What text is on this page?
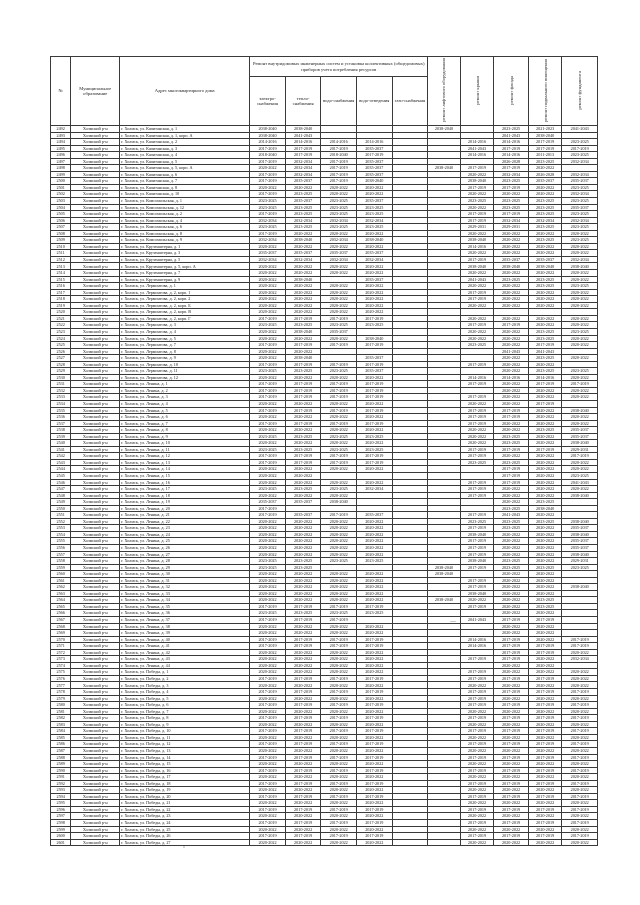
№	Муниципальное образование	Адрес многоквартирного дома	Ремонт внутридомовых инженерных систем и установка коллективных (общедомовых) приборов учета потребления ресурсов					ремонт лифтового оборудования	ремонт крыши	ремонт фасада	ремонт подвального помещения	ремонт фундамента
			электро-снабжения	тепло-снабжения	водо-снабжения	водо-отведения	газо-снабжения					
2492	Холмский р-н	г. Холмск, ул. Капитанская, д. 1	2038-2040	2038-2040				2038-2040		2023-2025	2021-2023	2041-2043
2493	Холмский р-н	г. Холмск, ул. Капитанская, д. 1, корп. А	2038-2040	2041-2043						2041-2043	2038-2040	
2494	Холмский р-н	г. Холмск, ул. Капитанская, д. 2	2014-2016	2014-2016	2014-2016	2014-2016			2014-2016	2014-2016	2017-2019	2023-2025
2495	Холмский р-н	г. Холмск, ул. Капитанская, д. 3	2017-2019	2017-2019	2017-2019	2035-2037			2041-2043	2017-2019	2017-2019	2017-2019
2496	Холмский р-н	г. Холмск, ул. Капитанская, д. 4	2018-2040	2017-2019	2018-2040	2017-2019			2014-2016	2014-2016	2011-2013	2023-2025
2497	Холмский р-н	г. Холмск, ул. Капитанская, д. 5	2017-2019	2032-2034	2017-2019	2035-2037				2026-2028	2023-2025	2032-2034
2498	Холмский р-н	г. Холмск, ул. Капитанская, д. 5, корп. А	2020-2022	2032-2034	2017-2019	2035-2037		2038-2040	2017-2019	2017-2019	2020-2022	
2499	Холмский р-н	г. Холмск, ул. Капитанская, д. 6	2017-2019	2032-2034	2017-2019	2035-2037			2020-2022	2032-2034	2026-2028	2032-2034
2500	Холмский р-н	г. Холмск, ул. Капитанская, д. 7	2017-2019	2035-2037	2017-2019	2038-2040			2038-2040	2023-2025	2035-2037	2035-2037
2501	Холмский р-н	г. Холмск, ул. Капитанская, д. 8	2020-2022	2020-2022	2020-2022	2020-2022			2017-2019	2017-2019	2020-2022	2023-2025
2502	Холмский р-н	г. Холмск, ул. Капитанская, д. 10	2017-2019	2023-2025	2020-2022	2020-2022			2020-2022	2020-2022	2020-2022	2032-2034
2503	Холмский р-н	г. Холмск, ул. Комсомольская, д. 1	2023-2025	2035-2037	2023-2025	2035-2037			2023-2025	2023-2025	2023-2025	2023-2025
2504	Холмский р-н	г. Холмск, ул. Комсомольская, д. 12	2023-2025	2023-2025	2023-2025	2023-2025			2020-2022	2023-2025	2023-2025	2035-2037
2505	Холмский р-н	г. Холмск, ул. Комсомольская, д. 2	2017-2019	2023-2025	2023-2025	2023-2025			2017-2019	2017-2019	2023-2025	2023-2025
2506	Холмский р-н	г. Холмск, ул. Комсомольская, д. 4	2032-2034	2032-2034	2032-2034	2032-2034			2017-2019	2032-2034	2032-2034	2032-2034
2507	Холмский р-н	г. Холмск, ул. Комсомольская, д. 6	2023-2025	2023-2025	2023-2025	2023-2025			2029-2031	2029-2031	2023-2025	2023-2025
2508	Холмский р-н	г. Холмск, ул. Комсомольская, д. 8	2017-2019	2020-2022	2020-2022	2020-2022			2020-2022	2020-2022	2020-2022	2020-2022
2509	Холмский р-н	г. Холмск, ул. Комсомольская, д. 9	2032-2034	2038-2040	2032-2034	2038-2040			2038-2040	2020-2022	2023-2025	2023-2025
2510	Холмский р-н	г. Холмск, ул. Крузенштерна, д. 1	2020-2022	2020-2022	2020-2022	2020-2022			2014-2016	2020-2022	2020-2022	2020-2022
2511	Холмский р-н	г. Холмск, ул. Крузенштерна, д. 3	2035-2037	2035-2037	2035-2037	2035-2037			2020-2022	2020-2022	2020-2022	2020-2022
2512	Холмский р-н	г. Холмск, ул. Крузенштерна, д. 5	2032-2034	2032-2034	2032-2034	2032-2034			2017-2019	2035-2037	2035-2037	2032-2034
2513	Холмский р-н	г. Холмск, ул. Крузенштерна, д. 5, корп. А	2020-2022	2020-2022	2020-2022	2020-2022			2038-2040	2038-2040	2038-2040	2038-2040
2514	Холмский р-н	г. Холмск, ул. Крузенштерна, д. 7	2020-2022	2020-2022	2020-2022	2020-2022			2020-2022	2020-2022	2020-2022	2020-2022
2515	Холмский р-н	г. Холмск, ул. Крузенштерна, д. 9	2020-2022	2038-2040		2035-2037			2041-2043	2023-2025	2023-2025	2020-2022
2516	Холмский р-н	г. Холмск, ул. Лермонтова, д. 1	2020-2022	2020-2022	2020-2022	2020-2022			2020-2022	2020-2022	2023-2025	2023-2025
2517	Холмский р-н	г. Холмск, ул. Лермонтова, д. 2, корп. 1	2020-2022	2020-2022	2020-2022	2020-2022			2017-2019	2020-2022	2020-2022	2020-2022
2518	Холмский р-н	г. Холмск, ул. Лермонтова, д. 2, корп. 2	2020-2022	2020-2022	2020-2022	2020-2022			2017-2019	2020-2022	2020-2022	2020-2022
2519	Холмский р-н	г. Холмск, ул. Лермонтова, д. 2, корп. Б	2020-2022	2020-2022	2020-2022	2020-2022			2020-2022	2020-2022	2020-2022	2020-2022
2520	Холмский р-н	г. Холмск, ул. Лермонтова, д. 2, корп. В	2020-2022	2020-2022	2020-2022	2020-2022						
2521	Холмский р-н	г. Холмск, ул. Лермонтова, д. 2, корп. Г	2017-2019	2017-2019	2017-2019	2017-2019			2020-2022	2020-2022	2020-2022	2020-2022
2522	Холмский р-н	г. Холмск, ул. Лермонтова, д. 3	2023-2025	2023-2025	2023-2025	2023-2025			2017-2019	2017-2019	2020-2022	2020-2022
2523	Холмский р-н	г. Холмск, ул. Лермонтова, д. 4	2020-2022	2038-2040	2035-2037				2020-2022	2020-2022	2023-2025	2023-2025
2524	Холмский р-н	г. Холмск, ул. Лермонтова, д. 5	2020-2022	2020-2022	2020-2022	2038-2040			2020-2022	2020-2022	2023-2025	2020-2022
2525	Холмский р-н	г. Холмск, ул. Лермонтова, д. 7	2017-2019	2017-2019	2017-2019	2017-2019			2023-2025	2020-2022	2017-2019	2020-2022
2526	Холмский р-н	г. Холмск, ул. Лермонтова, д. 8	2020-2022	2020-2022						2041-2043	2041-2043	
2527	Холмский р-н	г. Холмск, ул. Лермонтова, д. 9	2020-2022	2038-2040		2035-2037				2020-2022	2023-2025	2020-2022
2528	Холмский р-н	г. Холмск, ул. Лермонтова, д. 10	2017-2019	2017-2019	2017-2019	2017-2019			2017-2019	2020-2022	2020-2022	
2529	Холмский р-н	г. Холмск, ул. Лермонтова, д. 11	2023-2025	2023-2025	2023-2025	2035-2037				2020-2022	2023-2025	2023-2025
2530	Холмский р-н	г. Холмск, ул. Лермонтова, д. 12	2020-2022	2020-2022	2020-2022	2020-2022			2014-2016	2014-2016	2014-2016	2020-2022
2531	Холмский р-н	г. Холмск, ул. Ленина, д. 1	2017-2019	2017-2019	2017-2019	2017-2019			2017-2019	2020-2022	2017-2019	2017-2019
2532	Холмский р-н	г. Холмск, ул. Ленина, д. 2	2017-2019	2017-2019	2017-2019	2017-2019				2020-2022	2020-2022	2020-2022
2533	Холмский р-н	г. Холмск, ул. Ленина, д. 3	2017-2019	2017-2019	2017-2019	2017-2019			2017-2019	2020-2022	2020-2022	2020-2022
2534	Холмский р-н	г. Холмск, ул. Ленина, д. 4	2020-2022	2020-2022	2020-2022	2020-2022			2020-2022	2020-2022	2017-2019	
2535	Холмский р-н	г. Холмск, ул. Ленина, д. 5	2017-2019	2017-2019	2017-2019	2017-2019			2017-2019	2017-2019	2020-2022	2038-2040
2536	Холмский р-н	г. Холмск, ул. Ленина, д. 6	2020-2022	2020-2022	2020-2022	2020-2022			2017-2019	2017-2019	2020-2022	2020-2022
2537	Холмский р-н	г. Холмск, ул. Ленина, д. 7	2017-2019	2017-2019	2017-2019	2017-2019			2017-2019	2020-2022	2020-2022	2020-2022
2538	Холмский р-н	г. Холмск, ул. Ленина, д. 8	2020-2022	2020-2022	2020-2022	2020-2022			2020-2022	2020-2022	2023-2025	2035-2037
2539	Холмский р-н	г. Холмск, ул. Ленина, д. 9	2023-2025	2023-2025	2023-2025	2023-2025			2020-2022	2023-2025	2020-2022	2035-2037
2540	Холмский р-н	г. Холмск, ул. Ленина, д. 10	2020-2022	2020-2022	2020-2022	2020-2022			2020-2022	2023-2025	2020-2022	2038-2040
2541	Холмский р-н	г. Холмск, ул. Ленина, д. 11	2023-2025	2023-2025	2023-2025	2023-2025			2017-2019	2017-2019	2017-2019	2029-2031
2542	Холмский р-н	г. Холмск, ул. Ленина, д. 12	2017-2019	2017-2019	2017-2019	2017-2019			2017-2019	2020-2022	2020-2022	2017-2019
2543	Холмский р-н	г. Холмск, ул. Ленина, д. 13	2017-2019	2017-2019	2017-2019	2017-2019			2023-2025	2023-2025	2020-2022	2020-2022
2544	Холмский р-н	г. Холмск, ул. Ленина, д. 14	2020-2022	2020-2022	2020-2022	2020-2022				2017-2019	2020-2022	2020-2022
2545	Холмский р-н	г. Холмск, ул. Ленина, д. 15	2020-2022	2020-2022						2017-2019	2020-2022	2023-2025
2546	Холмский р-н	г. Холмск, ул. Ленина, д. 16	2020-2022	2020-2022	2020-2022	2020-2022			2017-2019	2017-2019	2020-2022	2041-2043
2547	Холмский р-н	г. Холмск, ул. Ленина, д. 17	2023-2025	2023-2025	2023-2025	2032-2034			2017-2019	2020-2022	2020-2022	2020-2022
2548	Холмский р-н	г. Холмск, ул. Ленина, д. 18	2020-2022	2020-2022	2020-2022				2017-2019	2020-2022	2020-2022	2038-2040
2549	Холмский р-н	г. Холмск, ул. Ленина, д. 19	2035-2037	2035-2037	2038-2040					2020-2022	2023-2025	
2550	Холмский р-н	г. Холмск, ул. Ленина, д. 20	2017-2019							2023-2025	2038-2040	
2551	Холмский р-н	г. Холмск, ул. Ленина, д. 21	2017-2019	2035-2037	2017-2019	2035-2037			2017-2019	2041-2043	2020-2022	
2552	Холмский р-н	г. Холмск, ул. Ленина, д. 22	2020-2022	2020-2022	2020-2022	2020-2022			2023-2025	2023-2025	2023-2025	2038-2040
2553	Холмский р-н	г. Холмск, ул. Ленина, д. 23	2020-2022	2020-2022	2020-2022	2020-2022			2017-2019	2023-2025	2020-2022	2035-2037
2554	Холмский р-н	г. Холмск, ул. Ленина, д. 24	2020-2022	2020-2022	2020-2022	2020-2022			2038-2040	2020-2022	2020-2022	2038-2040
2555	Холмский р-н	г. Холмск, ул. Ленина, д. 25	2020-2022	2020-2022	2020-2022	2020-2022			2017-2019	2020-2022	2020-2022	2035-2037
2556	Холмский р-н	г. Холмск, ул. Ленина, д. 26	2020-2022	2020-2022	2020-2022	2020-2022			2017-2019	2020-2022	2020-2022	2035-2037
2557	Холмский р-н	г. Холмск, ул. Ленина, д. 27	2020-2022	2020-2022	2020-2022	2020-2022			2017-2019	2020-2022	2020-2022	2038-2040
2558	Холмский р-н	г. Холмск, ул. Ленина, д. 28	2023-2025	2023-2025	2023-2025	2023-2025			2038-2040	2023-2025	2020-2022	2029-2031
2559	Холмский р-н	г. Холмск, ул. Ленина, д. 29	2023-2025	2023-2025				2038-2040	2017-2019	2023-2025	2023-2025	2023-2025
2560	Холмский р-н	г. Холмск, ул. Ленина, д. 30	2020-2022	2020-2022	2020-2022	2020-2022		2038-2040		2020-2022	2020-2022	
2561	Холмский р-н	г. Холмск, ул. Ленина, д. 31	2020-2022	2020-2022	2020-2022	2020-2022			2017-2019	2020-2022	2020-2022	
2562	Холмский р-н	г. Холмск, ул. Ленина, д. 32	2020-2022	2020-2022	2020-2022	2020-2022			2017-2019	2020-2022	2020-2022	2038-2040
2563	Холмский р-н	г. Холмск, ул. Ленина, д. 33	2020-2022	2020-2022	2020-2022	2020-2022			2038-2040	2020-2022	2020-2022	
2564	Холмский р-н	г. Холмск, ул. Ленина, д. 34	2020-2022	2020-2022	2020-2022	2020-2022		2038-2040	2020-2022	2020-2022	2023-2025	
2565	Холмский р-н	г. Холмск, ул. Ленина, д. 35	2017-2019	2017-2019	2017-2019	2017-2019			2017-2019	2020-2022	2023-2025	
2566	Холмский р-н	г. Холмск, ул. Ленина, д. 36	2023-2025	2023-2025	2023-2025	2023-2025				2020-2022	2020-2022	
2567	Холмский р-н	г. Холмск, ул. Ленина, д. 37	2017-2019	2017-2019	2017-2019				2041-2043	2017-2019	2017-2019	
2568	Холмский р-н	г. Холмск, ул. Ленина, д. 38	2020-2022	2020-2022	2020-2022	2020-2022				2020-2022	2020-2022	
2569	Холмский р-н	г. Холмск, ул. Ленина, д. 39	2020-2022	2020-2022	2020-2022	2020-2022				2020-2022	2020-2022	
2570	Холмский р-н	г. Холмск, ул. Ленина, д. 40	2017-2019	2017-2019	2017-2019	2017-2019			2014-2016	2017-2019	2020-2022	2017-2019
2571	Холмский р-н	г. Холмск, ул. Ленина, д. 41	2017-2019	2017-2019	2017-2019	2017-2019			2014-2016	2017-2019	2017-2019	2017-2019
2572	Холмский р-н	г. Холмск, ул. Ленина, д. 42	2020-2022	2020-2022	2020-2022	2020-2022				2017-2019	2017-2019	2020-2022
2573	Холмский р-н	г. Холмск, ул. Ленина, д. 43	2020-2022	2020-2022	2020-2022	2020-2022			2017-2019	2017-2019	2020-2022	2032-2034
2574	Холмский р-н	г. Холмск, ул. Ленина, д. 44	2020-2022	2020-2022	2020-2022	2020-2022				2020-2022	2020-2022	
2575	Холмский р-н	г. Холмск, ул. Победы, д. 1	2020-2022	2020-2022	2020-2022	2020-2022			2017-2019	2020-2022	2020-2022	2020-2022
2576	Холмский р-н	г. Холмск, ул. Победы, д. 2	2017-2019	2017-2019	2017-2019	2017-2019			2017-2019	2017-2019	2017-2019	2020-2022
2577	Холмский р-н	г. Холмск, ул. Победы, д. 3	2020-2022	2020-2022	2020-2022	2020-2022			2020-2022	2020-2022	2020-2022	2020-2022
2578	Холмский р-н	г. Холмск, ул. Победы, д. 4	2017-2019	2017-2019	2017-2019	2017-2019			2017-2019	2017-2019	2017-2019	2017-2019
2579	Холмский р-н	г. Холмск, ул. Победы, д. 5	2020-2022	2020-2022	2020-2022	2020-2022			2017-2019	2020-2022	2020-2022	2020-2022
2580	Холмский р-н	г. Холмск, ул. Победы, д. 6	2017-2019	2017-2019	2017-2019	2017-2019			2017-2019	2017-2019	2017-2019	2017-2019
2581	Холмский р-н	г. Холмск, ул. Победы, д. 7	2020-2022	2020-2022	2020-2022	2020-2022			2020-2022	2020-2022	2020-2022	2020-2022
2582	Холмский р-н	г. Холмск, ул. Победы, д. 8	2017-2019	2017-2019	2017-2019	2017-2019			2017-2019	2017-2019	2017-2019	2017-2019
2583	Холмский р-н	г. Холмск, ул. Победы, д. 9	2020-2022	2020-2022	2020-2022	2020-2022			2020-2022	2020-2022	2020-2022	2020-2022
2584	Холмский р-н	г. Холмск, ул. Победы, д. 10	2017-2019	2017-2019	2017-2019	2017-2019			2017-2019	2017-2019	2017-2019	2017-2019
2585	Холмский р-н	г. Холмск, ул. Победы, д. 11	2020-2022	2020-2022	2020-2022	2020-2022			2020-2022	2020-2022	2020-2022	2020-2022
2586	Холмский р-н	г. Холмск, ул. Победы, д. 12	2017-2019	2017-2019	2017-2019	2017-2019			2017-2019	2017-2019	2017-2019	2017-2019
2587	Холмский р-н	г. Холмск, ул. Победы, д. 13	2020-2022	2020-2022	2020-2022	2020-2022			2020-2022	2020-2022	2020-2022	2020-2022
2588	Холмский р-н	г. Холмск, ул. Победы, д. 14	2017-2019	2017-2019	2017-2019	2017-2019			2017-2019	2017-2019	2017-2019	2017-2019
2589	Холмский р-н	г. Холмск, ул. Победы, д. 15	2020-2022	2020-2022	2020-2022	2020-2022			2020-2022	2020-2022	2020-2022	2020-2022
2590	Холмский р-н	г. Холмск, ул. Победы, д. 16	2017-2019	2017-2019	2017-2019	2017-2019			2017-2019	2017-2019	2017-2019	2017-2019
2591	Холмский р-н	г. Холмск, ул. Победы, д. 17	2020-2022	2020-2022	2020-2022	2020-2022			2020-2022	2020-2022	2020-2022	2020-2022
2592	Холмский р-н	г. Холмск, ул. Победы, д. 18	2017-2019	2017-2019	2017-2019	2017-2019			2017-2019	2017-2019	2017-2019	2017-2019
2593	Холмский р-н	г. Холмск, ул. Победы, д. 19	2020-2022	2020-2022	2020-2022	2020-2022			2020-2022	2020-2022	2020-2022	2020-2022
2594	Холмский р-н	г. Холмск, ул. Победы, д. 20	2017-2019	2017-2019	2017-2019	2017-2019			2017-2019	2017-2019	2017-2019	2017-2019
2595	Холмский р-н	г. Холмск, ул. Победы, д. 21	2020-2022	2020-2022	2020-2022	2020-2022			2020-2022	2020-2022	2020-2022	2020-2022
2596	Холмский р-н	г. Холмск, ул. Победы, д. 22	2017-2019	2017-2019	2017-2019	2017-2019			2017-2019	2017-2019	2017-2019	2017-2019
2597	Холмский р-н	г. Холмск, ул. Победы, д. 23	2020-2022	2020-2022	2020-2022	2020-2022			2020-2022	2020-2022	2020-2022	2020-2022
2598	Холмский р-н	г. Холмск, ул. Победы, д. 24	2017-2019	2017-2019	2017-2019	2017-2019			2017-2019	2017-2019	2017-2019	2017-2019
2599	Холмский р-н	г. Холмск, ул. Победы, д. 25	2020-2022	2020-2022	2020-2022	2020-2022			2020-2022	2020-2022	2020-2022	2020-2022
2600	Холмский р-н	г. Холмск, ул. Победы, д. 26	2017-2019	2017-2019	2017-2019	2017-2019			2017-2019	2017-2019	2017-2019	2017-2019
2601	Холмский р-н	г. Холмск, ул. Победы, д. 27	2020-2022	2020-2022	2020-2022	2020-2022			2020-2022	2020-2022	2020-2022	2020-2022
